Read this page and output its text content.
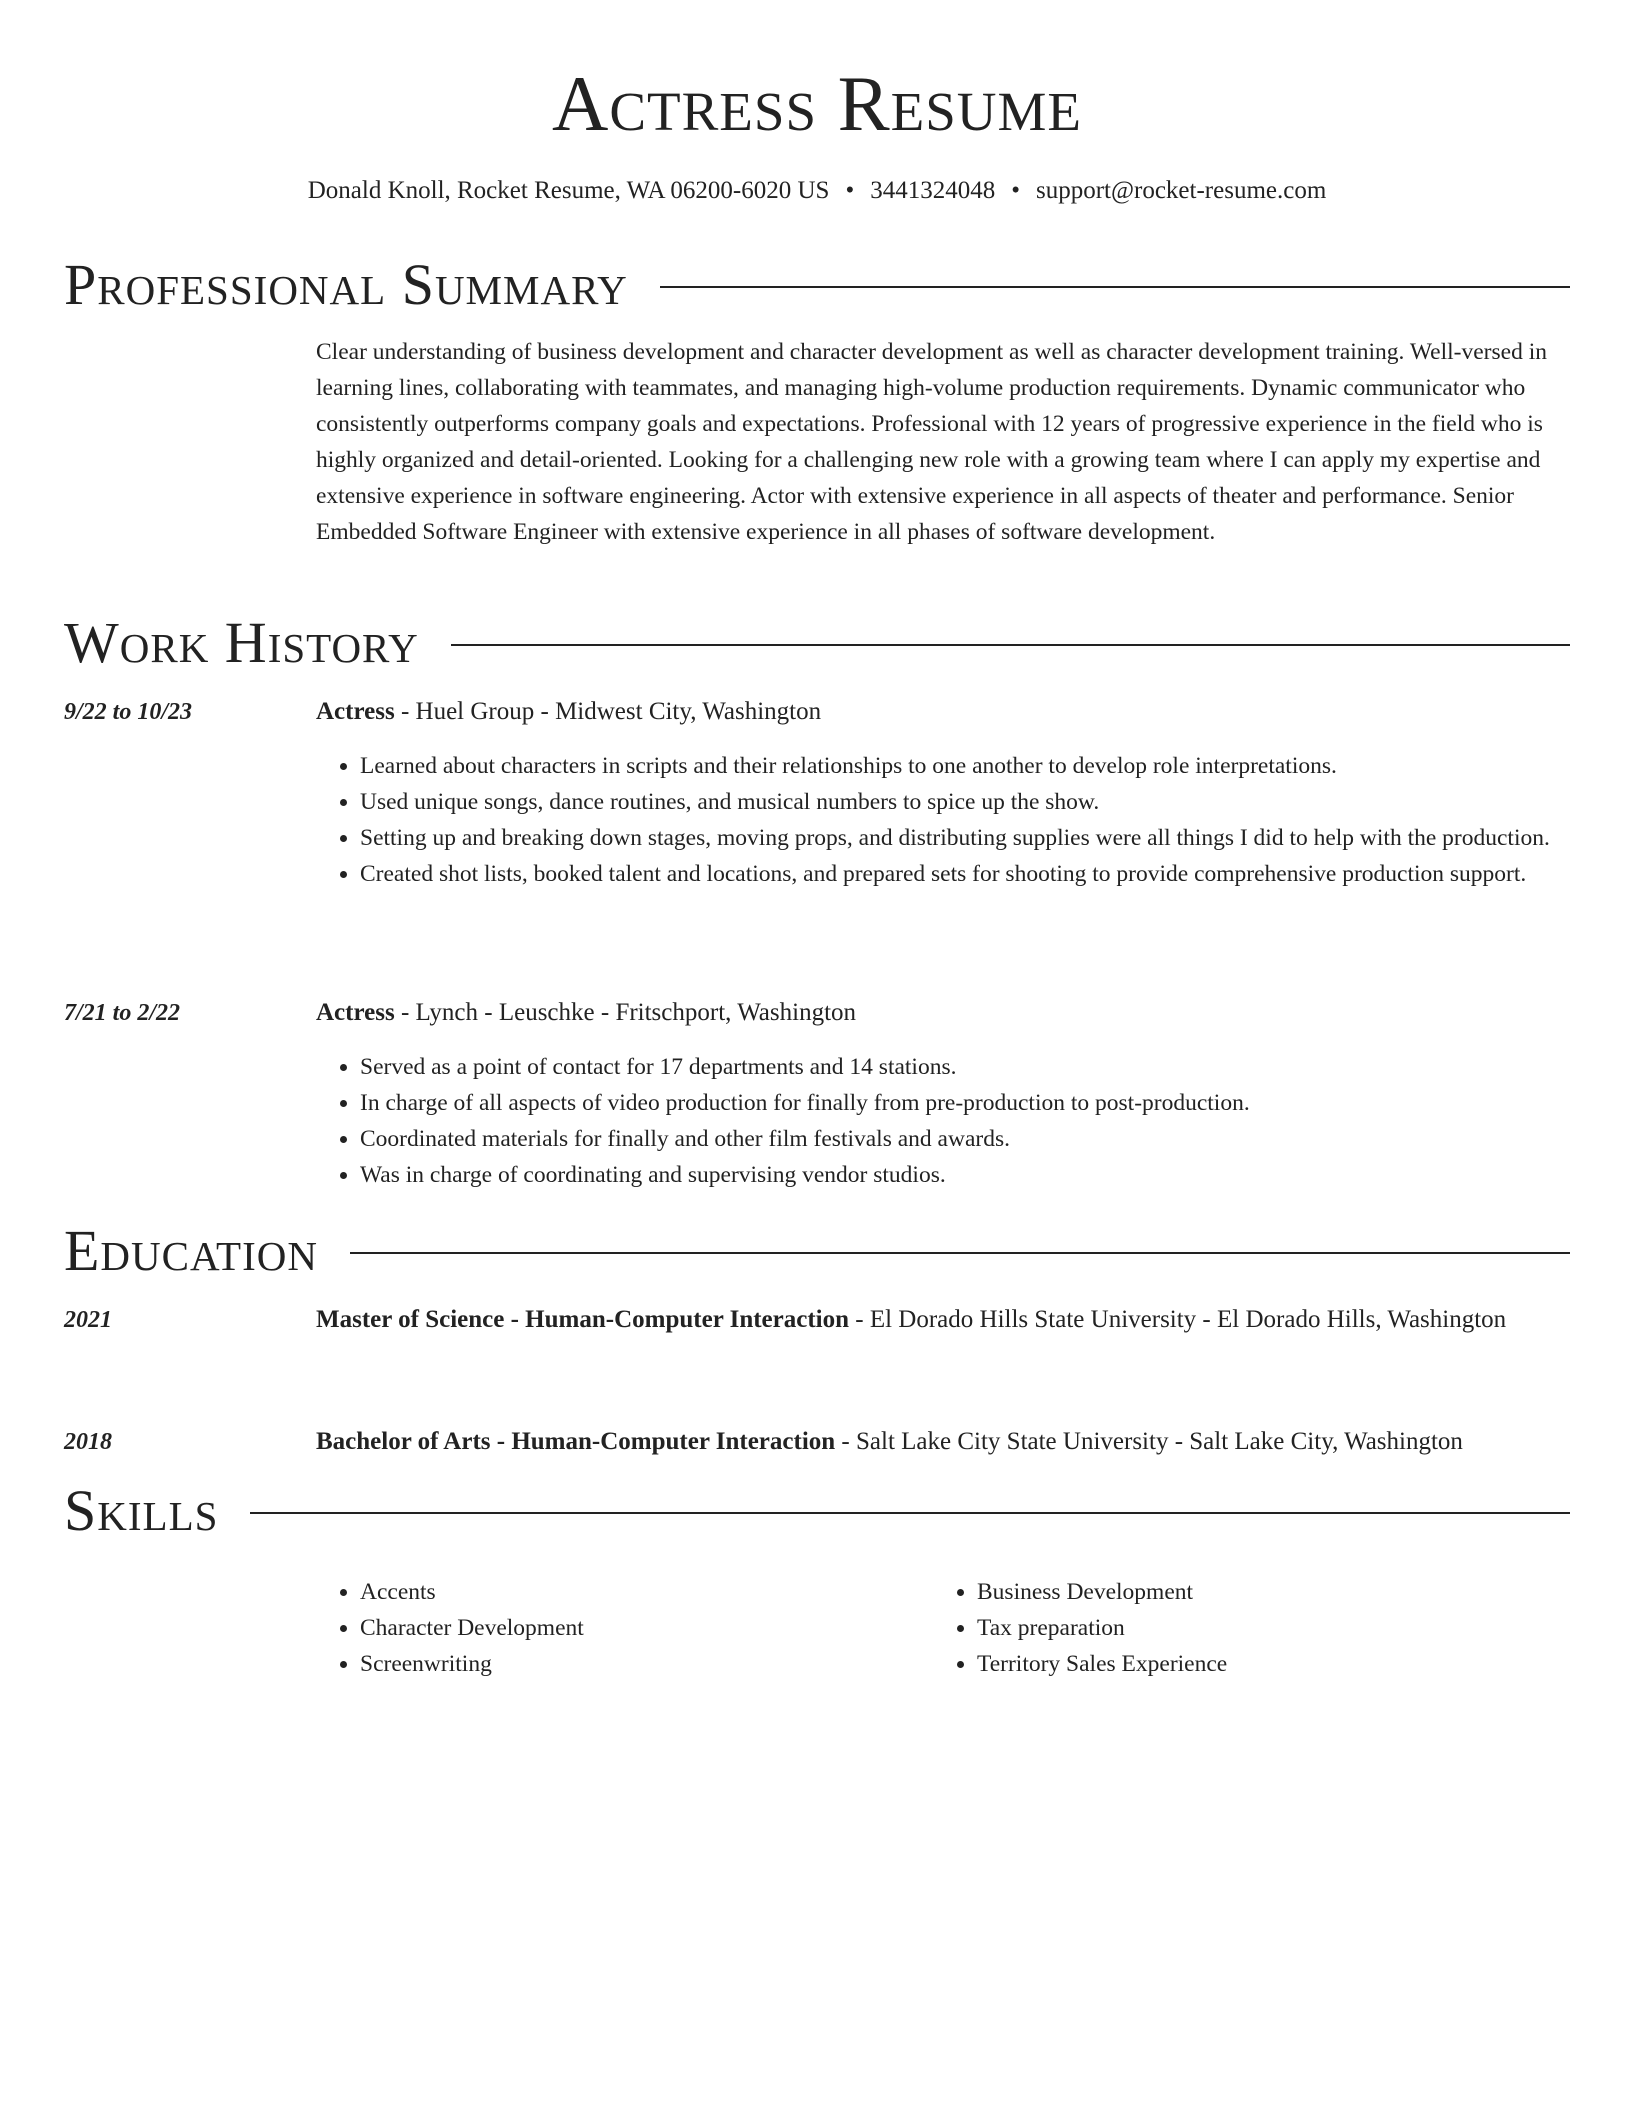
Actress Resume
Donald Knoll, Rocket Resume, WA 06200-6020 US • 3441324048 • support@rocket-resume.com
Professional Summary

Clear understanding of business development and character development as well as character development training. Well-versed in learning lines, collaborating with teammates, and managing high-volume production requirements. Dynamic communicator who consistently outperforms company goals and expectations. Professional with 12 years of progressive experience in the field who is highly organized and detail-oriented. Looking for a challenging new role with a growing team where I can apply my expertise and extensive experience in software engineering. Actor with extensive experience in all aspects of theater and performance. Senior Embedded Software Engineer with extensive experience in all phases of software development.

Work History
9/22 to 10/23	Actress - Huel Group - Midwest City, Washington
• Learned about characters in scripts and their relationships to one another to develop role interpretations.
• Used unique songs, dance routines, and musical numbers to spice up the show.
• Setting up and breaking down stages, moving props, and distributing supplies were all things I did to help with the production.
• Created shot lists, booked talent and locations, and prepared sets for shooting to provide comprehensive production support.
7/21 to 2/22	Actress - Lynch - Leuschke - Fritschport, Washington
• Served as a point of contact for 17 departments and 14 stations.
• In charge of all aspects of video production for finally from pre-production to post-production.
• Coordinated materials for finally and other film festivals and awards.
• Was in charge of coordinating and supervising vendor studios.
Education
2021	Master of Science - Human-Computer Interaction - El Dorado Hills State University - El Dorado Hills, Washington
2018	Bachelor of Arts - Human-Computer Interaction - Salt Lake City State University - Salt Lake City, Washington
Skills
• Accents
• Character Development
• Screenwriting
• Business Development
• Tax preparation
• Territory Sales Experience
